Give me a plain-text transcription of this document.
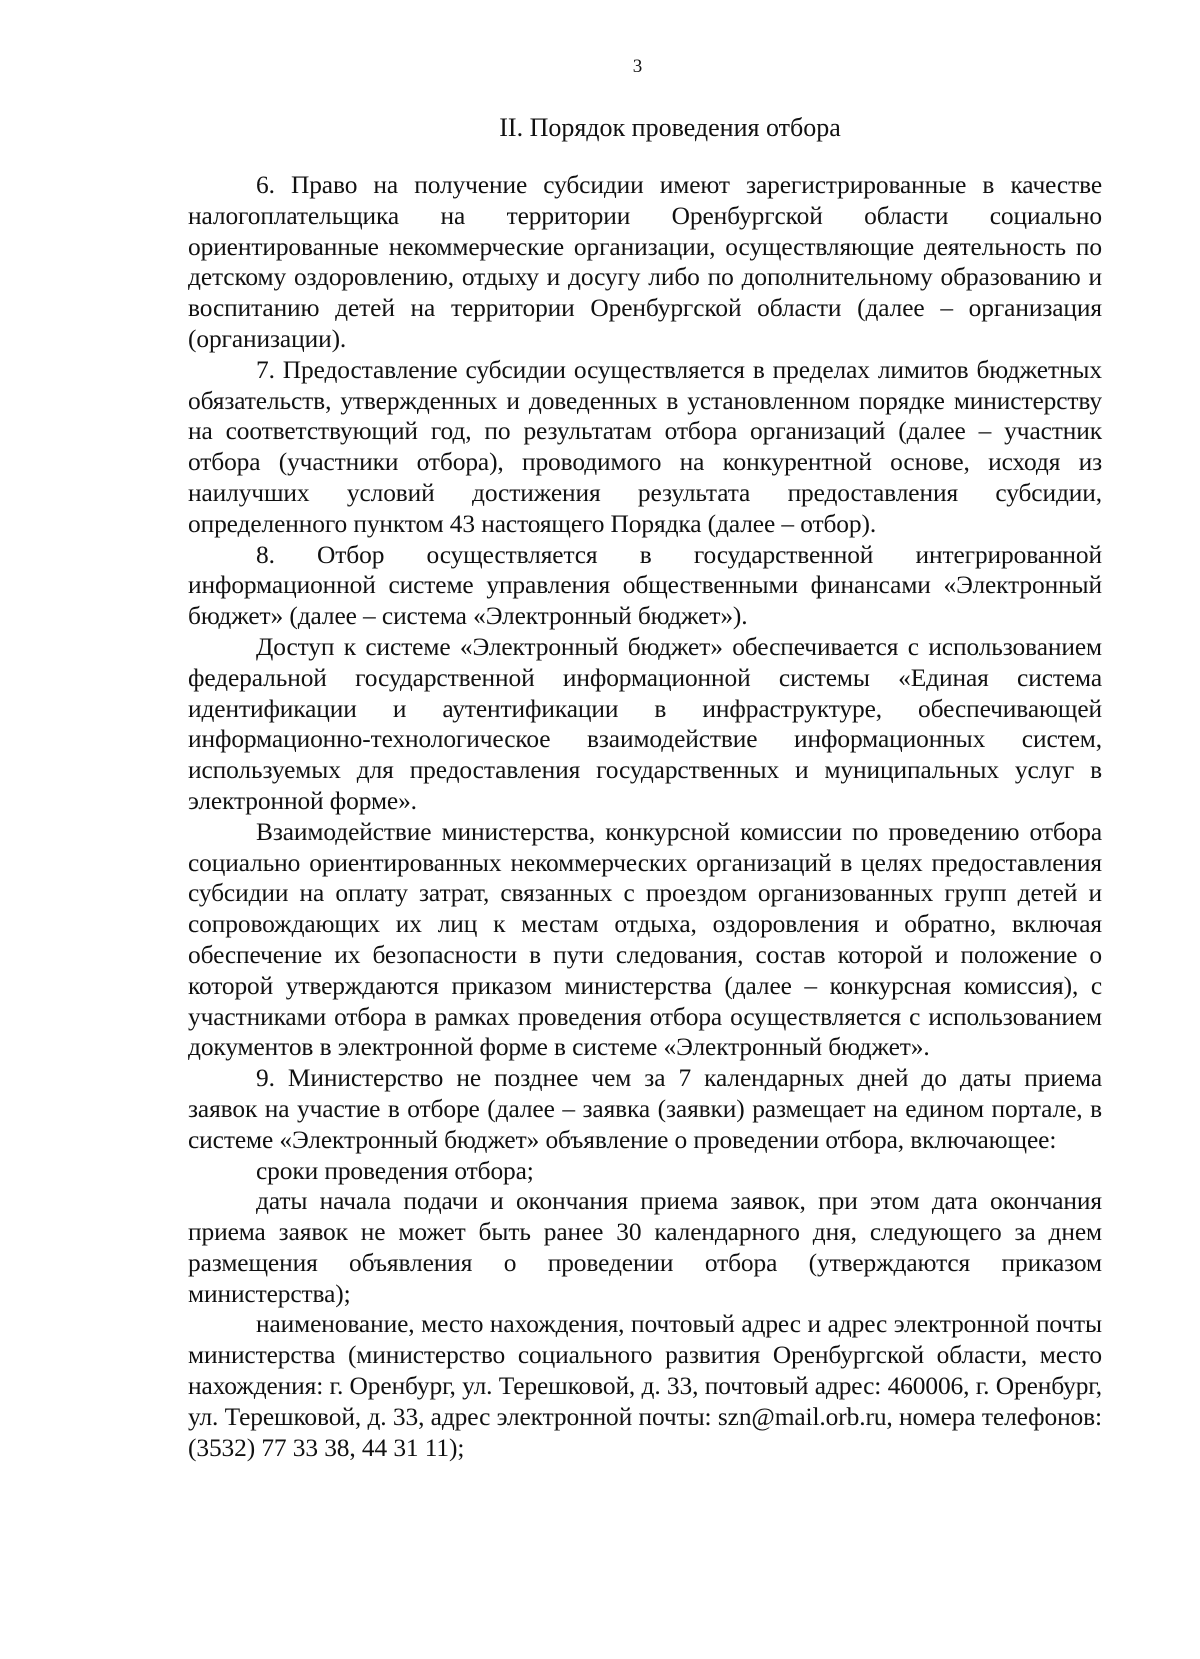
3
II. Порядок проведения отбора

6. Право на получение субсидии имеют зарегистрированные в качестве налогоплательщика на территории Оренбургской области социально ориентированные некоммерческие организации, осуществляющие деятельность по детскому оздоровлению, отдыху и досугу либо по дополнительному образованию и воспитанию детей на территории Оренбургской области (далее – организация (организации).

7. Предоставление субсидии осуществляется в пределах лимитов бюджетных обязательств, утвержденных и доведенных в установленном порядке министерству на соответствующий год, по результатам отбора организаций (далее – участник отбора (участники отбора), проводимого на конкурентной основе, исходя из наилучших условий достижения результата предоставления субсидии, определенного пунктом 43 настоящего Порядка (далее – отбор).

8. Отбор осуществляется в государственной интегрированной информационной системе управления общественными финансами «Электронный бюджет» (далее – система «Электронный бюджет»).

Доступ к системе «Электронный бюджет» обеспечивается с использованием федеральной государственной информационной системы «Единая система идентификации и аутентификации в инфраструктуре, обеспечивающей информационно-технологическое взаимодействие информационных систем, используемых для предоставления государственных и муниципальных услуг в электронной форме».

Взаимодействие министерства, конкурсной комиссии по проведению отбора социально ориентированных некоммерческих организаций в целях предоставления субсидии на оплату затрат, связанных с проездом организованных групп детей и сопровождающих их лиц к местам отдыха, оздоровления и обратно, включая обеспечение их безопасности в пути следования, состав которой и положение о которой утверждаются приказом министерства (далее – конкурсная комиссия), с участниками отбора в рамках проведения отбора осуществляется с использованием документов в электронной форме в системе «Электронный бюджет».

9. Министерство не позднее чем за 7 календарных дней до даты приема заявок на участие в отборе (далее – заявка (заявки) размещает на едином портале, в системе «Электронный бюджет» объявление о проведении отбора, включающее:

сроки проведения отбора;

даты начала подачи и окончания приема заявок, при этом дата окончания приема заявок не может быть ранее 30 календарного дня, следующего за днем размещения объявления о проведении отбора (утверждаются приказом министерства);

наименование, место нахождения, почтовый адрес и адрес электронной почты министерства (министерство социального развития Оренбургской области, место нахождения: г. Оренбург, ул. Терешковой, д. 33, почтовый адрес: 460006, г. Оренбург, ул. Терешковой, д. 33, адрес электронной почты: szn@mail.orb.ru, номера телефонов: (3532) 77 33 38, 44 31 11);
